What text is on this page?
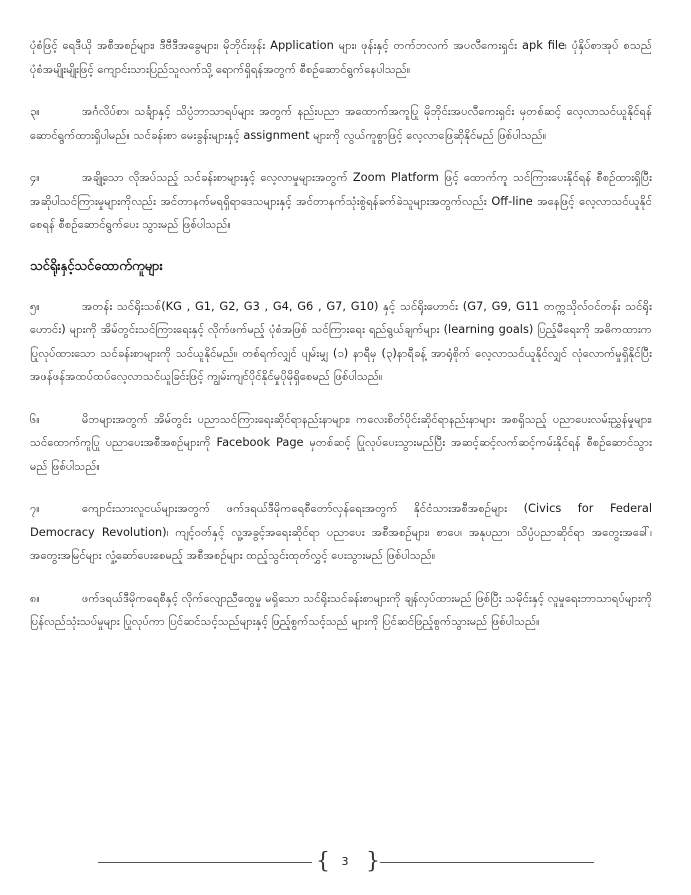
ပုံစံဖြင့် ရေဒီယို အစီအစဉ်များ၊ ဒီဗီဒီအခွေများ၊ မိုဘိုင်းဖုန်း Application များ၊ ဖုန်းနှင့် တက်ဘလက် အပလီကေးရှင်း apk file၊ ပုံနှိပ်စာအုပ် စသည် ပုံစံအမျိုးမျိုးဖြင့် ကျောင်းသားပြည်သူလက်သို့ ရောက်ရှိရန်အတွက် စီစဉ်ဆောင်ရွက်နေပါသည်။

၃။	အင်္ဂလိပ်စာ၊ သင်္ချာနှင့် သိပ္ပံဘာသာရပ်များ အတွက် နည်းပညာ အထောက်အကူပြု မိုဘိုင်းအပလီကေးရှင်း မှတစ်ဆင့် လေ့လာသင်ယူနိုင်ရန် ဆောင်ရွက်ထားရှိပါမည်။ သင်ခန်းစာ မေးခွန်းများနှင့် assignment များကို လွယ်ကူစွာဖြင့် လေ့လာဖြေဆိုနိုင်မည် ဖြစ်ပါသည်။

၄။	အချို့သော လိုအပ်သည့် သင်ခန်းစာများနှင့် လေ့လာမှုများအတွက် Zoom Platform ဖြင့် ထောက်ကူ သင်ကြားပေးနိုင်ရန် စီစဉ်ထားရှိပြီး အဆိုပါသင်ကြားမှုများကိုလည်း အင်တာနက်မရရှိရာဒေသများနှင့် အင်တာနက်သုံးစွဲရန်ခက်ခဲသူများအတွက်လည်း Off-line အနေဖြင့် လေ့လာသင်ယူနိုင်စေရန် စီစဉ်ဆောင်ရွက်ပေး သွားမည် ဖြစ်ပါသည်။

သင်ရိုးနှင့်သင်ထောက်ကူများ

၅။	အတန်း သင်ရိုးသစ်(KG , G1, G2, G3 , G4, G6 , G7, G10) နှင့် သင်ရိုးဟောင်း (G7, G9, G11 တက္ကသိုလ်ဝင်တန်း သင်ရိုးဟောင်း) များကို အိမ်တွင်းသင်ကြားရေးနှင့် လိုက်ဖက်မည့် ပုံစံအဖြစ် သင်ကြားရေး ရည်ရွယ်ချက်များ (learning goals) ပြည့်မီရေးကို အဓိကထားက ပြုလုပ်ထားသော သင်ခန်းစာများကို သင်ယူနိုင်မည်။ တစ်ရက်လျှင် ပျမ်းမျှ (၁) နာရီမှ (၃)နာရီခန့် အာရုံစိုက် လေ့လာသင်ယူနိုင်လျှင် လုံလောက်မှုရှိနိုင်ပြီး အဖန်ဖန်အထပ်ထပ်လေ့လာသင်ယူခြင်းဖြင့် ကျွမ်းကျင်ပိုင်နိုင်မှုပိုမိုရှိစေမည် ဖြစ်ပါသည်။

၆။	မိဘများအတွက် အိမ်တွင်း ပညာသင်ကြားရေးဆိုင်ရာနည်းနာများ၊ ကလေးစိတ်ပိုင်းဆိုင်ရာနည်းနာများ အစရှိသည့် ပညာပေးလမ်းညွှန်မှုများ၊ သင်ထောက်ကူပြု ပညာပေးအစီအစဉ်များကို Facebook Page မှတစ်ဆင့် ပြုလုပ်ပေးသွားမည်ပြီး အဆင့်ဆင့်လက်ဆင့်ကမ်းနိုင်ရန် စီစဉ်ဆောင်သွားမည် ဖြစ်ပါသည်။

၇။	ကျောင်းသားလူငယ်များအတွက် ဖက်ဒရယ်ဒီမိုကရေစီတော်လှန်ရေးအတွက် နိုင်ငံသားအစီအစဉ်များ (Civics for Federal Democracy Revolution)၊ ကျင့်ဝတ်နှင့် လူ့အခွင့်အရေးဆိုင်ရာ ပညာပေး အစီအစဉ်များ၊ စာပေ၊ အနုပညာ၊ သိပ္ပံပညာဆိုင်ရာ အတွေးအခေါ်၊ အတွေးအမြင်များ လှုံ့ဆော်ပေးစေမည့် အစီအစဉ်များ ထည့်သွင်းထုတ်လွှင့် ပေးသွားမည် ဖြစ်ပါသည်။

၈။	ဖက်ဒရယ်ဒီမိုကရေစီနှင့် လိုက်လျောညီထွေမှု မရှိသော သင်ရိုးသင်ခန်းစာများကို ချန်လှပ်ထားမည် ဖြစ်ပြီး သမိုင်းနှင့် လူမှုရေးဘာသာရပ်များကို ပြန်လည်သုံးသပ်မှုများ ပြုလုပ်ကာ ပြင်ဆင်သင့်သည်များနှင့် ဖြည့်စွက်သင့်သည် များကို ပြင်ဆင်ဖြည့်စွက်သွားမည် ဖြစ်ပါသည်။

{	3 }
